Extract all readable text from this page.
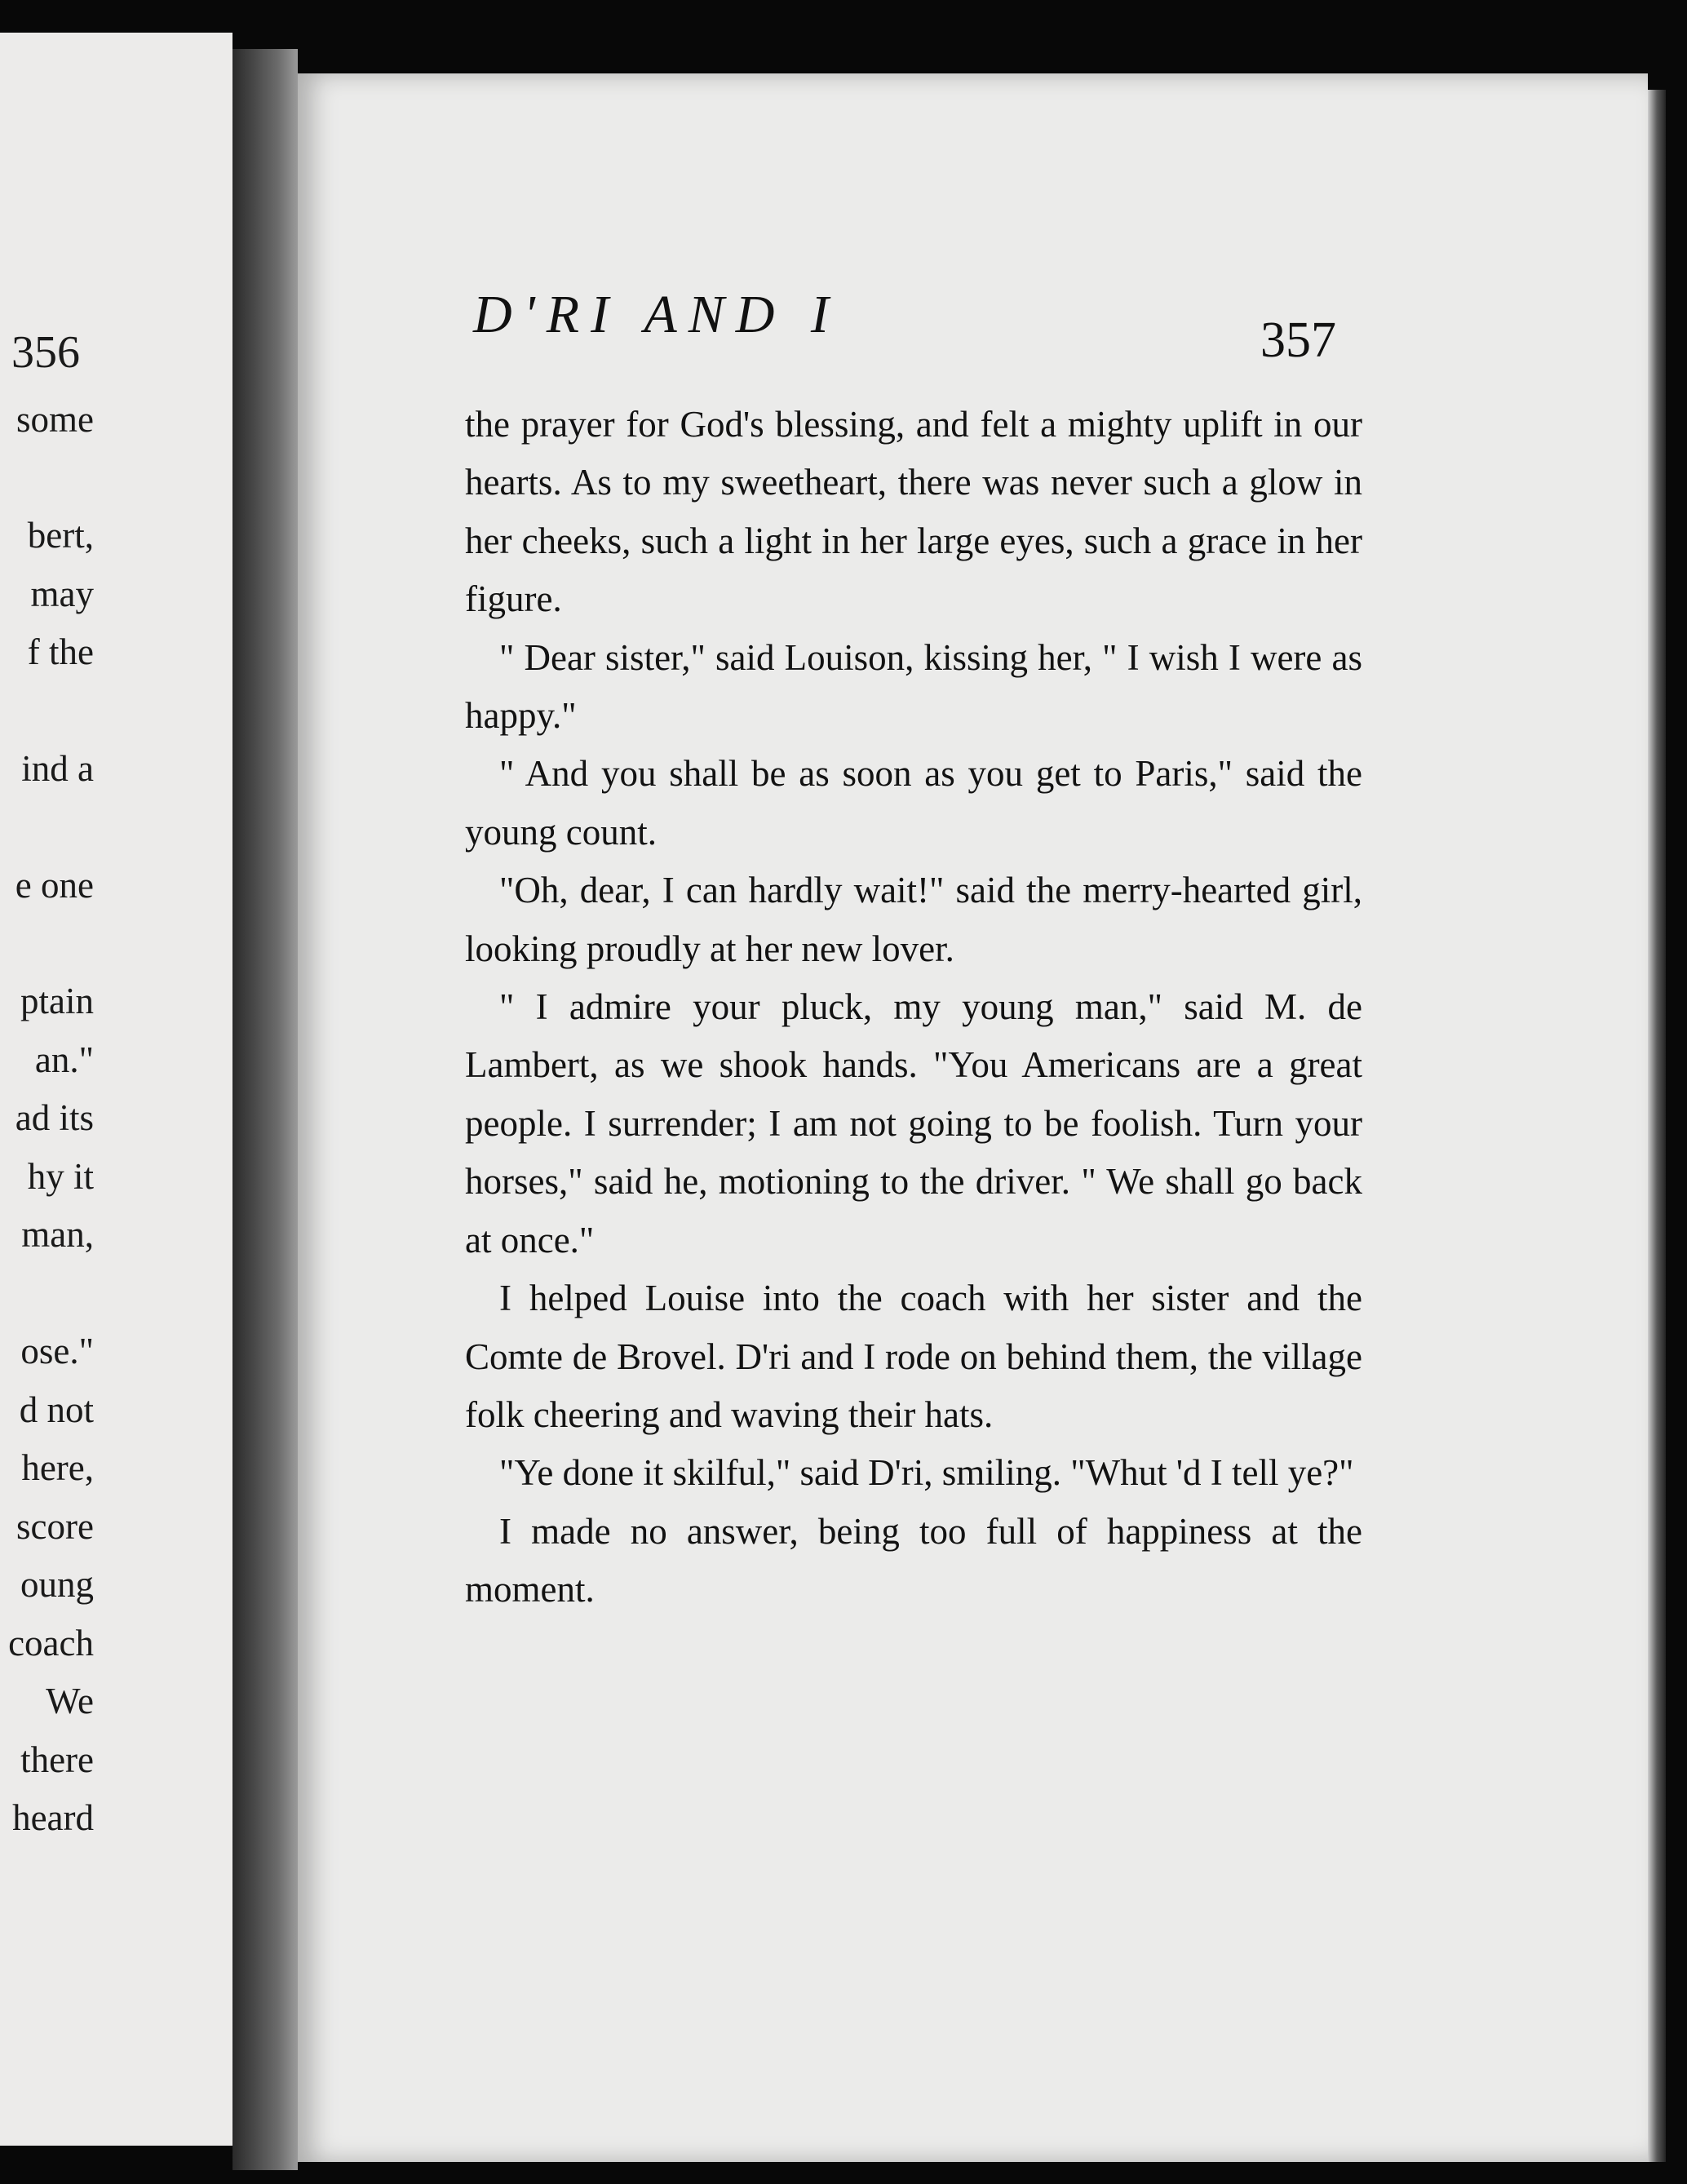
356
some
bert,
may
f the
ind a
e one
ptain
an."
ad its
hy it
man,
ose."
d not
here,
score
oung
coach
We
there
heard
D'RI AND I	357

the prayer for God's blessing, and felt a mighty uplift in our hearts. As to my sweetheart, there was never such a glow in her cheeks, such a light in her large eyes, such a grace in her figure.

" Dear sister," said Louison, kissing her, " I wish I were as happy."

" And you shall be as soon as you get to Paris," said the young count.

"Oh, dear, I can hardly wait!" said the merry-hearted girl, looking proudly at her new lover.

" I admire your pluck, my young man," said M. de Lambert, as we shook hands. "You Americans are a great people. I surrender; I am not going to be foolish. Turn your horses," said he, motioning to the driver. " We shall go back at once."

I helped Louise into the coach with her sister and the Comte de Brovel. D'ri and I rode on behind them, the village folk cheering and waving their hats.

"Ye done it skilful," said D'ri, smiling. "Whut 'd I tell ye?"

I made no answer, being too full of happiness at the moment.
